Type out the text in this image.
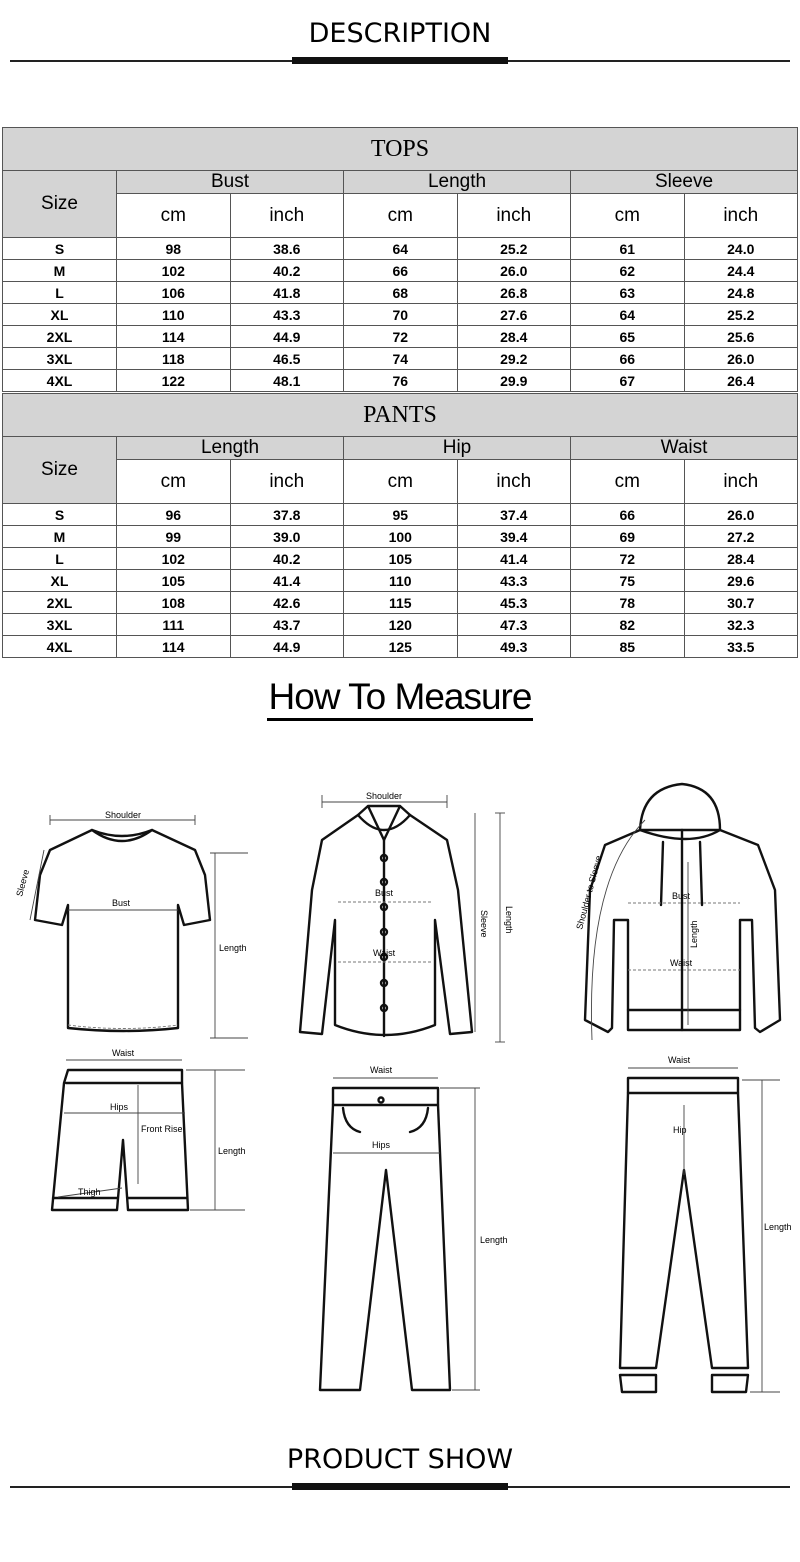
DESCRIPTION
TOPS						
Size	Bust		Length		Sleeve	
	cm	inch	cm	inch	cm	inch
S	98	38.6	64	25.2	61	24.0
M	102	40.2	66	26.0	62	24.4
L	106	41.8	68	26.8	63	24.8
XL	110	43.3	70	27.6	64	25.2
2XL	114	44.9	72	28.4	65	25.6
3XL	118	46.5	74	29.2	66	26.0
4XL	122	48.1	76	29.9	67	26.4
PANTS						
Size	Length		Hip		Waist	
	cm	inch	cm	inch	cm	inch
S	96	37.8	95	37.4	66	26.0
M	99	39.0	100	39.4	69	27.2
L	102	40.2	105	41.4	72	28.4
XL	105	41.4	110	43.3	75	29.6
2XL	108	42.6	115	45.3	78	30.7
3XL	111	43.7	120	47.3	82	32.3
4XL	114	44.9	125	49.3	85	33.5
How To Measure
Shoulder
Sleeve
Bust
Length
Waist
Hips
Front Rise
Thigh
Length
Shoulder
Bust
Waist
Sleeve Length
Waist
Hips
Length
Shoulder to Sleeve	Bust
Waist
Length
Waist
Hip
Length
PRODUCT SHOW
